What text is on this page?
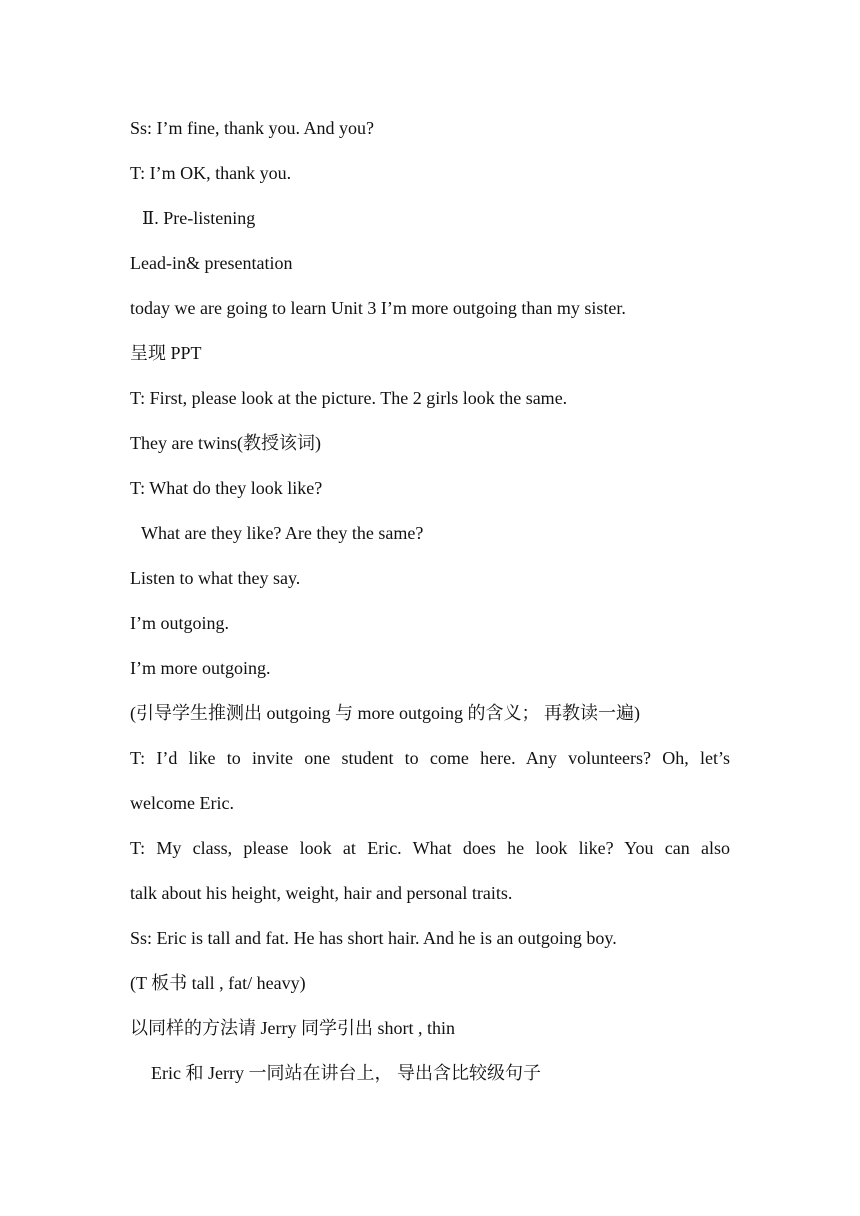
Ss: I’m fine, thank you. And you?
T: I’m OK, thank you.
Ⅱ. Pre-listening
Lead-in& presentation
today we are going to learn Unit 3 I’m more outgoing than my sister.
呈现 PPT
T: First, please look at the picture. The 2 girls look the same.
They are twins(教授该词)
T: What do they look like?
What are they like? Are they the same?
Listen to what they say.
I’m outgoing.
I’m more outgoing.
(引导学生推测出 outgoing 与 more outgoing 的含义； 再教读一遍)
T: I’d like to invite one student to come here. Any volunteers? Oh, let’s
welcome Eric.
T: My class, please look at Eric. What does he look like? You can also
talk about his height, weight, hair and personal traits.
Ss: Eric is tall and fat. He has short hair. And he is an outgoing boy.
(T 板书 tall , fat/ heavy)
以同样的方法请 Jerry 同学引出 short , thin
Eric 和 Jerry 一同站在讲台上， 导出含比较级句子
